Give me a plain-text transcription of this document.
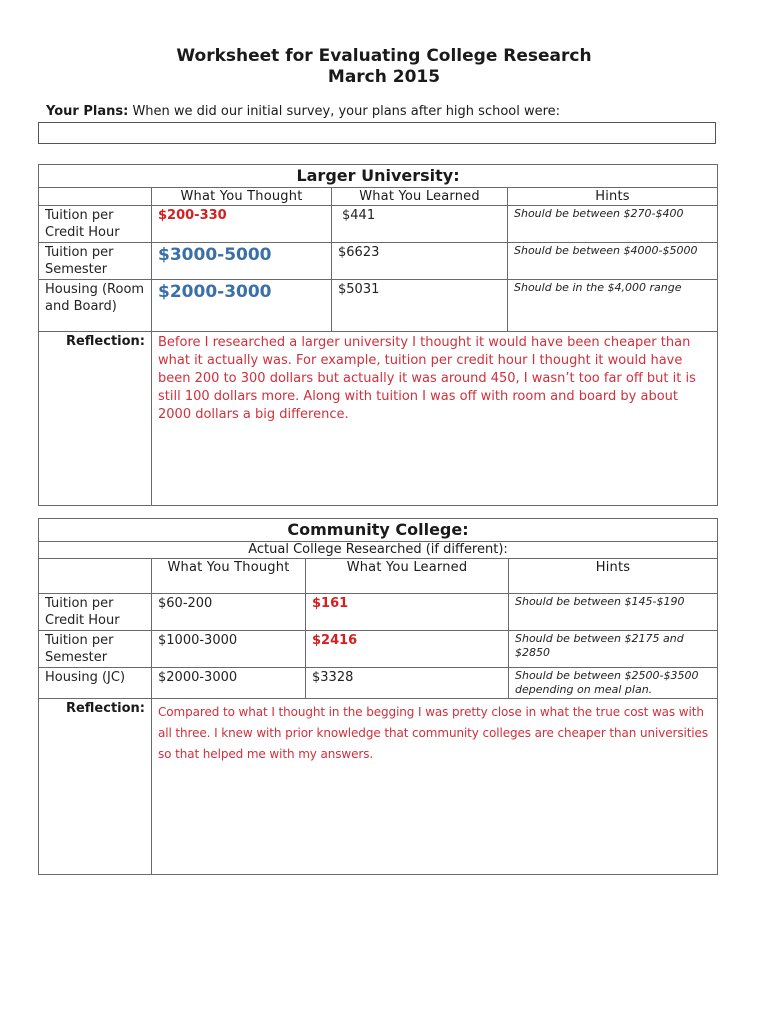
Worksheet for Evaluating College Research
March 2015
Your Plans: When we did our initial survey, your plans after high school were:
Larger University:			
	What You Thought	What You Learned	Hints
Tuition per Credit Hour	$200-330	$441	Should be between $270-$400
Tuition per Semester	$3000-5000	$6623	Should be between $4000-$5000
Housing (Room and Board)	$2000-3000	$5031	Should be in the $4,000 range
Reflection:	Before I researched a larger university I thought it would have been cheaper than what it actually was. For example, tuition per credit hour I thought it would have been 200 to 300 dollars but actually it was around 450, I wasn’t too far off but it is still 100 dollars more. Along with tuition I was off with room and board by about 2000 dollars a big difference.		
Community College:			
Actual College Researched (if different):			
	What You Thought	What You Learned	Hints
Tuition per Credit Hour	$60-200	$161	Should be between $145-$190
Tuition per Semester	$1000-3000	$2416	Should be between $2175 and $2850
Housing (JC)	$2000-3000	$3328	Should be between $2500-$3500 depending on meal plan.
Reflection:	Compared to what I thought in the begging I was pretty close in what the true cost was with all three. I knew with prior knowledge that community colleges are cheaper than universities so that helped me with my answers.		
